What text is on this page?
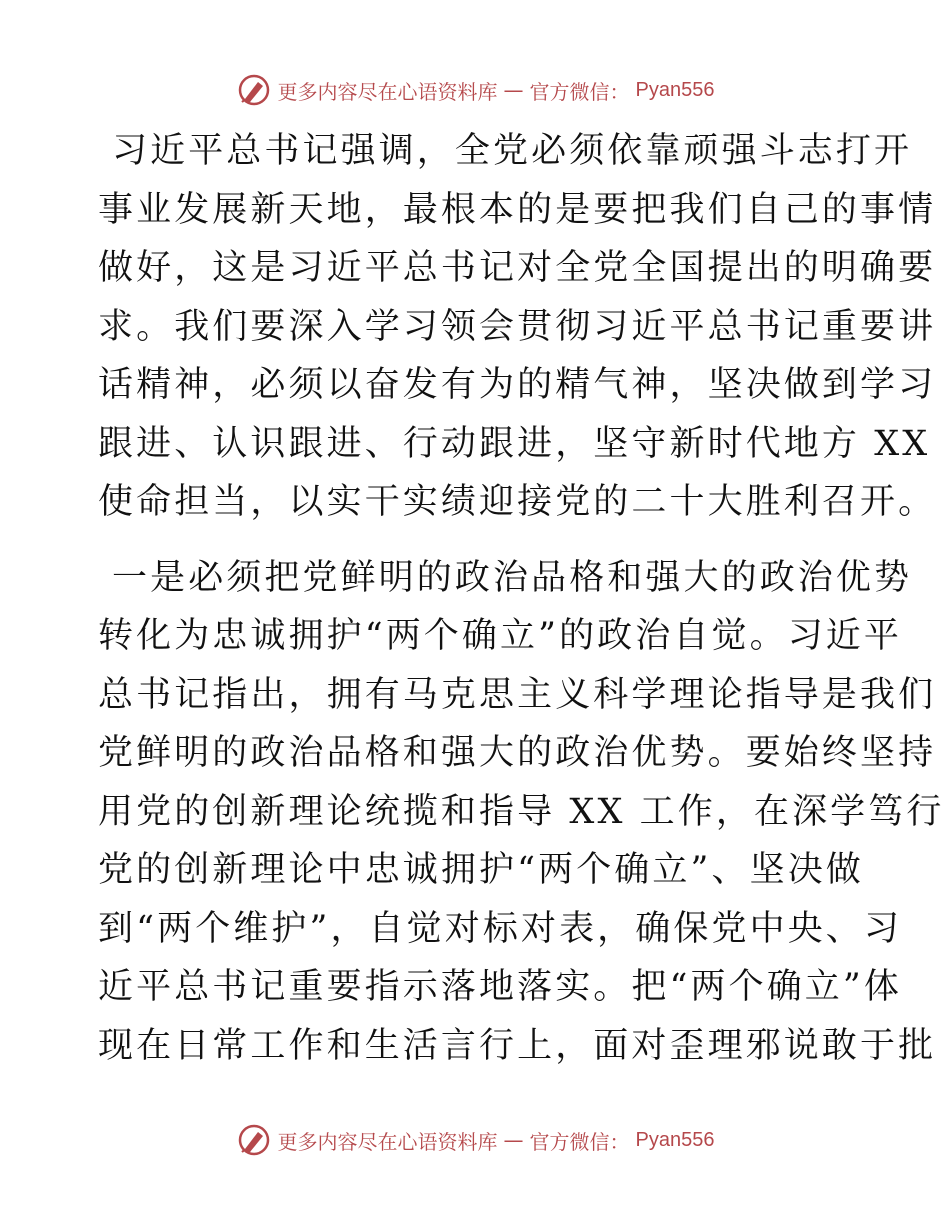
更多内容尽在心语资料库 — 官方微信： Pyan556

习近平总书记强调，全党必须依靠顽强斗志打开
事业发展新天地，最根本的是要把我们自己的事情
做好，这是习近平总书记对全党全国提出的明确要
求。我们要深入学习领会贯彻习近平总书记重要讲
话精神，必须以奋发有为的精气神，坚决做到学习
跟进、认识跟进、行动跟进，坚守新时代地方 XX
使命担当，以实干实绩迎接党的二十大胜利召开。

一是必须把党鲜明的政治品格和强大的政治优势
转化为忠诚拥护“两个确立”的政治自觉。习近平
总书记指出，拥有马克思主义科学理论指导是我们
党鲜明的政治品格和强大的政治优势。要始终坚持
用党的创新理论统揽和指导 XX 工作，在深学笃行
党的创新理论中忠诚拥护“两个确立”、坚决做
到“两个维护”，自觉对标对表，确保党中央、习
近平总书记重要指示落地落实。把“两个确立”体
现在日常工作和生活言行上，面对歪理邪说敢于批

更多内容尽在心语资料库 — 官方微信： Pyan556
